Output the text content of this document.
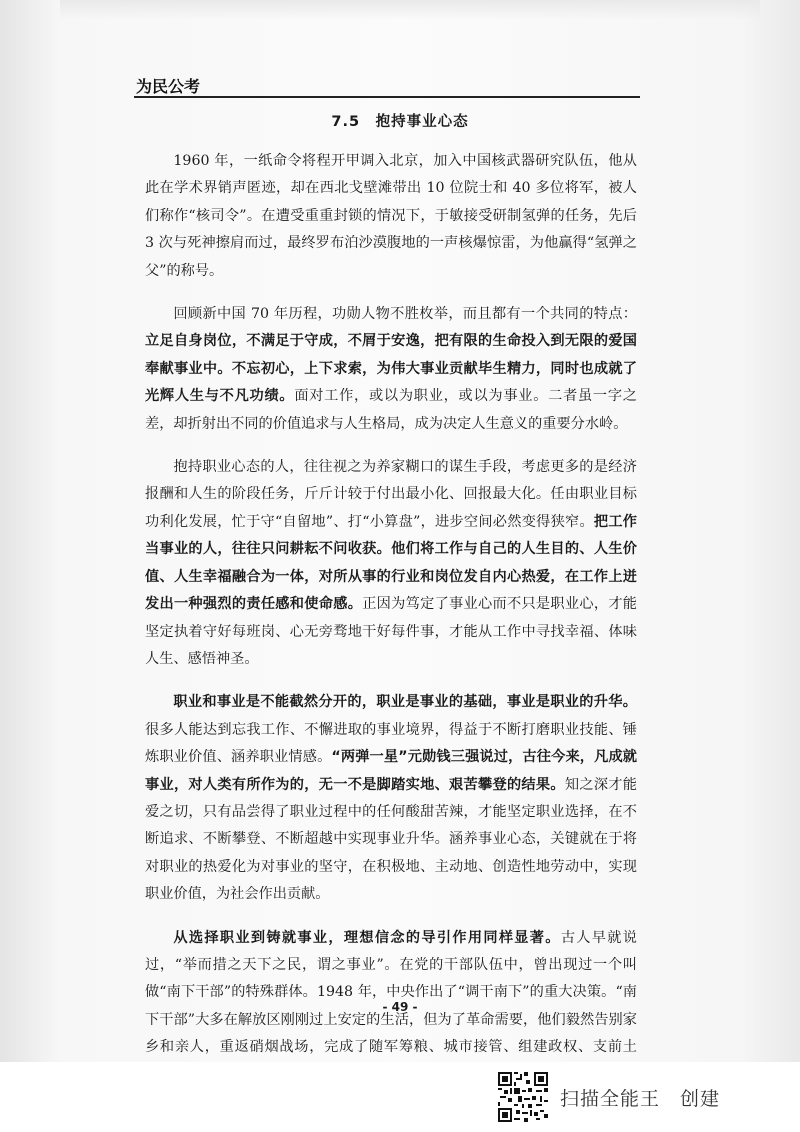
为民公考
7.5　抱持事业心态

1960 年，一纸命令将程开甲调入北京，加入中国核武器研究队伍，他从此在学术界销声匿迹，却在西北戈壁滩带出 10 位院士和 40 多位将军，被人们称作“核司令”。在遭受重重封锁的情况下，于敏接受研制氢弹的任务，先后 3 次与死神擦肩而过，最终罗布泊沙漠腹地的一声核爆惊雷，为他赢得“氢弹之父”的称号。

回顾新中国 70 年历程，功勋人物不胜枚举，而且都有一个共同的特点：立足自身岗位，不满足于守成，不屑于安逸，把有限的生命投入到无限的爱国奉献事业中。不忘初心，上下求索，为伟大事业贡献毕生精力，同时也成就了光辉人生与不凡功绩。面对工作，或以为职业，或以为事业。二者虽一字之差，却折射出不同的价值追求与人生格局，成为决定人生意义的重要分水岭。

抱持职业心态的人，往往视之为养家糊口的谋生手段，考虑更多的是经济报酬和人生的阶段任务，斤斤计较于付出最小化、回报最大化。任由职业目标功利化发展，忙于守“自留地”、打“小算盘”，进步空间必然变得狭窄。把工作当事业的人，往往只问耕耘不问收获。他们将工作与自己的人生目的、人生价值、人生幸福融合为一体，对所从事的行业和岗位发自内心热爱，在工作上迸发出一种强烈的责任感和使命感。正因为笃定了事业心而不只是职业心，才能坚定执着守好每班岗、心无旁骛地干好每件事，才能从工作中寻找幸福、体味人生、感悟神圣。

职业和事业是不能截然分开的，职业是事业的基础，事业是职业的升华。很多人能达到忘我工作、不懈进取的事业境界，得益于不断打磨职业技能、锤炼职业价值、涵养职业情感。“两弹一星”元勋钱三强说过，古往今来，凡成就事业，对人类有所作为的，无一不是脚踏实地、艰苦攀登的结果。知之深才能爱之切，只有品尝得了职业过程中的任何酸甜苦辣，才能坚定职业选择，在不断追求、不断攀登、不断超越中实现事业升华。涵养事业心态，关键就在于将对职业的热爱化为对事业的坚守，在积极地、主动地、创造性地劳动中，实现职业价值，为社会作出贡献。

从选择职业到铸就事业，理想信念的导引作用同样显著。古人早就说过，“举而措之天下之民，谓之事业”。在党的干部队伍中，曾出现过一个叫做“南下干部”的特殊群体。1948 年，中央作出了“调干南下”的重大决策。“南下干部”大多在解放区刚刚过上安定的生活，但为了革命需要，他们毅然告别家乡和亲人，重返硝烟战场，完成了随军筹粮、城市接管、组建政权、支前土

- 49 -
扫描全能王　创建
